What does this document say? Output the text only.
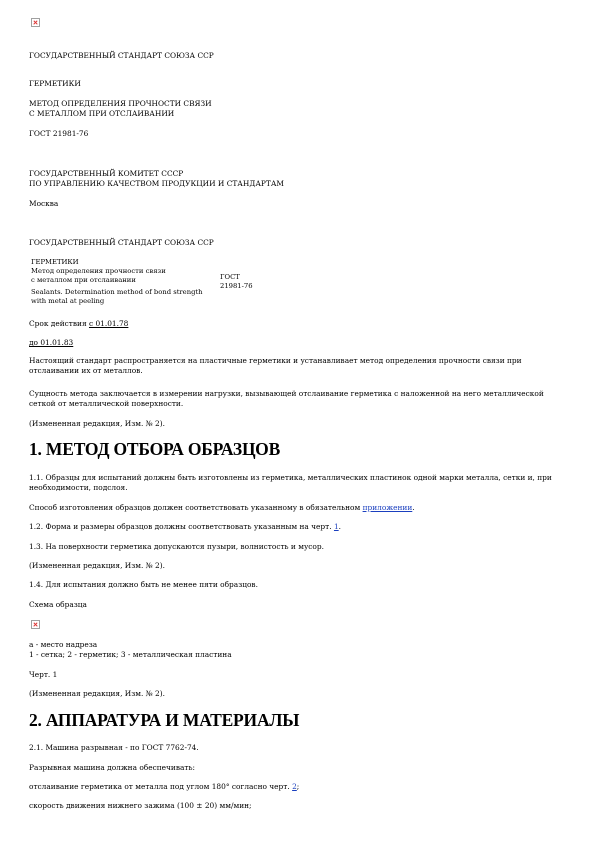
ГОСУДАРСТВЕННЫЙ СТАНДАРТ СОЮЗА ССР
ГЕРМЕТИКИ
МЕТОД ОПРЕДЕЛЕНИЯ ПРОЧНОСТИ СВЯЗИ
С МЕТАЛЛОМ ПРИ ОТСЛАИВАНИИ
ГОСТ 21981-76
ГОСУДАРСТВЕННЫЙ КОМИТЕТ СССР
ПО УПРАВЛЕНИЮ КАЧЕСТВОМ ПРОДУКЦИИ И СТАНДАРТАМ
Москва
ГОСУДАРСТВЕННЫЙ СТАНДАРТ СОЮЗА ССР
ГЕРМЕТИКИ
Метод определения прочности связи
с металлом при отслаивании
Sealants. Determination method of bond strength
with metal at peeling
ГОСТ
21981-76
Срок действия с 01.01.78
до 01.01.83
Настоящий стандарт распространяется на пластичные герметики и устанавливает метод определения прочности связи при отслаивании их от металлов.
Сущность метода заключается в измерении нагрузки, вызывающей отслаивание герметика с наложенной на него металлической сеткой от металлической поверхности.
(Измененная редакция, Изм. № 2).
1. МЕТОД ОТБОРА ОБРАЗЦОВ
1.1. Образцы для испытаний должны быть изготовлены из герметика, металлических пластинок одной марки металла, сетки и, при необходимости, подслоя.
Способ изготовления образцов должен соответствовать указанному в обязательном приложении.
1.2. Форма и размеры образцов должны соответствовать указанным на черт. 1.
1.3. На поверхности герметика допускаются пузыри, волнистость и мусор.
(Измененная редакция, Изм. № 2).
1.4. Для испытания должно быть не менее пяти образцов.
Схема образца
а - место надреза
1 - сетка; 2 - герметик; 3 - металлическая пластина
Черт. 1
(Измененная редакция, Изм. № 2).
2. АППАРАТУРА И МАТЕРИАЛЫ
2.1. Машина разрывная - по ГОСТ 7762-74.
Разрывная машина должна обеспечивать:
отслаивание герметика от металла под углом 180° согласно черт. 2;
скорость движения нижнего зажима (100 ± 20) мм/мин;
